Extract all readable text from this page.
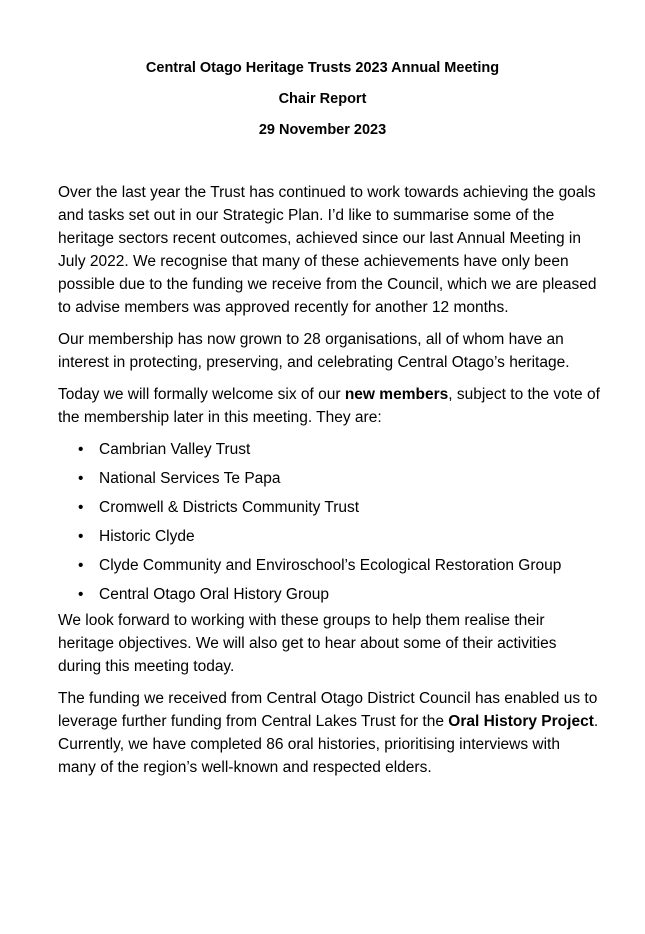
Central Otago Heritage Trusts 2023 Annual Meeting
Chair Report
29 November 2023

Over the last year the Trust has continued to work towards achieving the goals and tasks set out in our Strategic Plan. I’d like to summarise some of the heritage sectors recent outcomes, achieved since our last Annual Meeting in July 2022. We recognise that many of these achievements have only been possible due to the funding we receive from the Council, which we are pleased to advise members was approved recently for another 12 months.

Our membership has now grown to 28 organisations, all of whom have an interest in protecting, preserving, and celebrating Central Otago’s heritage.

Today we will formally welcome six of our new members, subject to the vote of the membership later in this meeting. They are:

• Cambrian Valley Trust
• National Services Te Papa
• Cromwell & Districts Community Trust
• Historic Clyde
• Clyde Community and Enviroschool’s Ecological Restoration Group
• Central Otago Oral History Group

We look forward to working with these groups to help them realise their heritage objectives. We will also get to hear about some of their activities during this meeting today.

The funding we received from Central Otago District Council has enabled us to leverage further funding from Central Lakes Trust for the Oral History Project. Currently, we have completed 86 oral histories, prioritising interviews with many of the region’s well-known and respected elders.
